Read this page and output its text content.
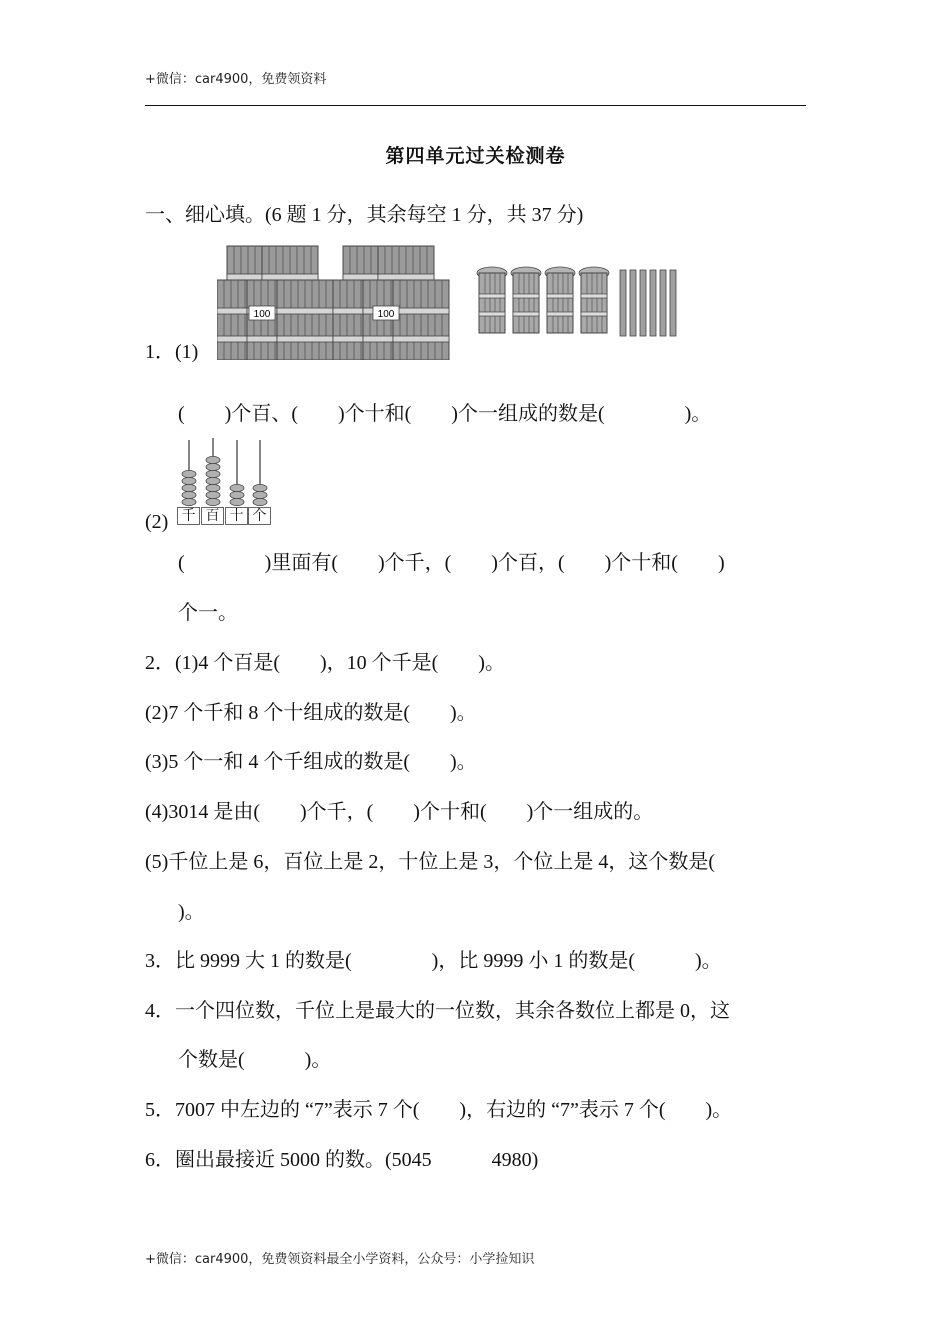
+微信：car4900，免费领资料
第四单元过关检测卷
一、细心填。(6 题 1 分，其余每空 1 分，共 37 分)
100	100
1．(1)
(        )个百、(        )个十和(        )个一组成的数是(                )。
千 百 十 个
(2)
(                )里面有(        )个千，(        )个百，(        )个十和(        )
个一。
2．(1)4 个百是(        )，10 个千是(        )。
(2)7 个千和 8 个十组成的数是(        )。
(3)5 个一和 4 个千组成的数是(        )。
(4)3014 是由(        )个千，(        )个十和(        )个一组成的。
(5)千位上是 6，百位上是 2，十位上是 3，个位上是 4，这个数是(
)。
3．比 9999 大 1 的数是(                )，比 9999 小 1 的数是(            )。
4．一个四位数，千位上是最大的一位数，其余各数位上都是 0，这
个数是(            )。
5．7007 中左边的 “7”表示 7 个(        )，右边的 “7”表示 7 个(        )。
6．圈出最接近 5000 的数。(5045            4980)
+微信：car4900，免费领资料最全小学资料，公众号：小学捡知识
